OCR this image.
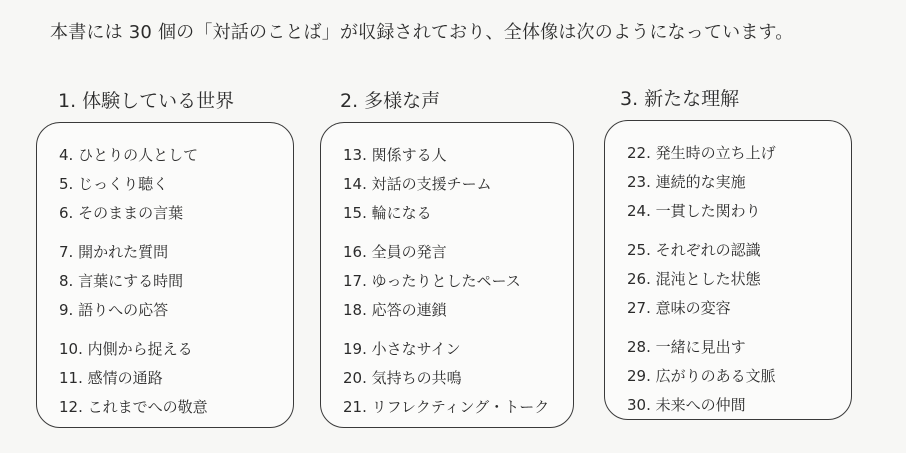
本書には 30 個の「対話のことば」が収録されており、全体像は次のようになっています。
1. 体験している世界
4. ひとりの人として
5. じっくり聴く
6. そのままの言葉
7. 開かれた質問
8. 言葉にする時間
9. 語りへの応答
10. 内側から捉える
11. 感情の通路
12. これまでへの敬意
2. 多様な声
13. 関係する人
14. 対話の支援チーム
15. 輪になる
16. 全員の発言
17. ゆったりとしたペース
18. 応答の連鎖
19. 小さなサイン
20. 気持ちの共鳴
21. リフレクティング・トーク
3. 新たな理解
22. 発生時の立ち上げ
23. 連続的な実施
24. 一貫した関わり
25. それぞれの認識
26. 混沌とした状態
27. 意味の変容
28. 一緒に見出す
29. 広がりのある文脈
30. 未来への仲間
